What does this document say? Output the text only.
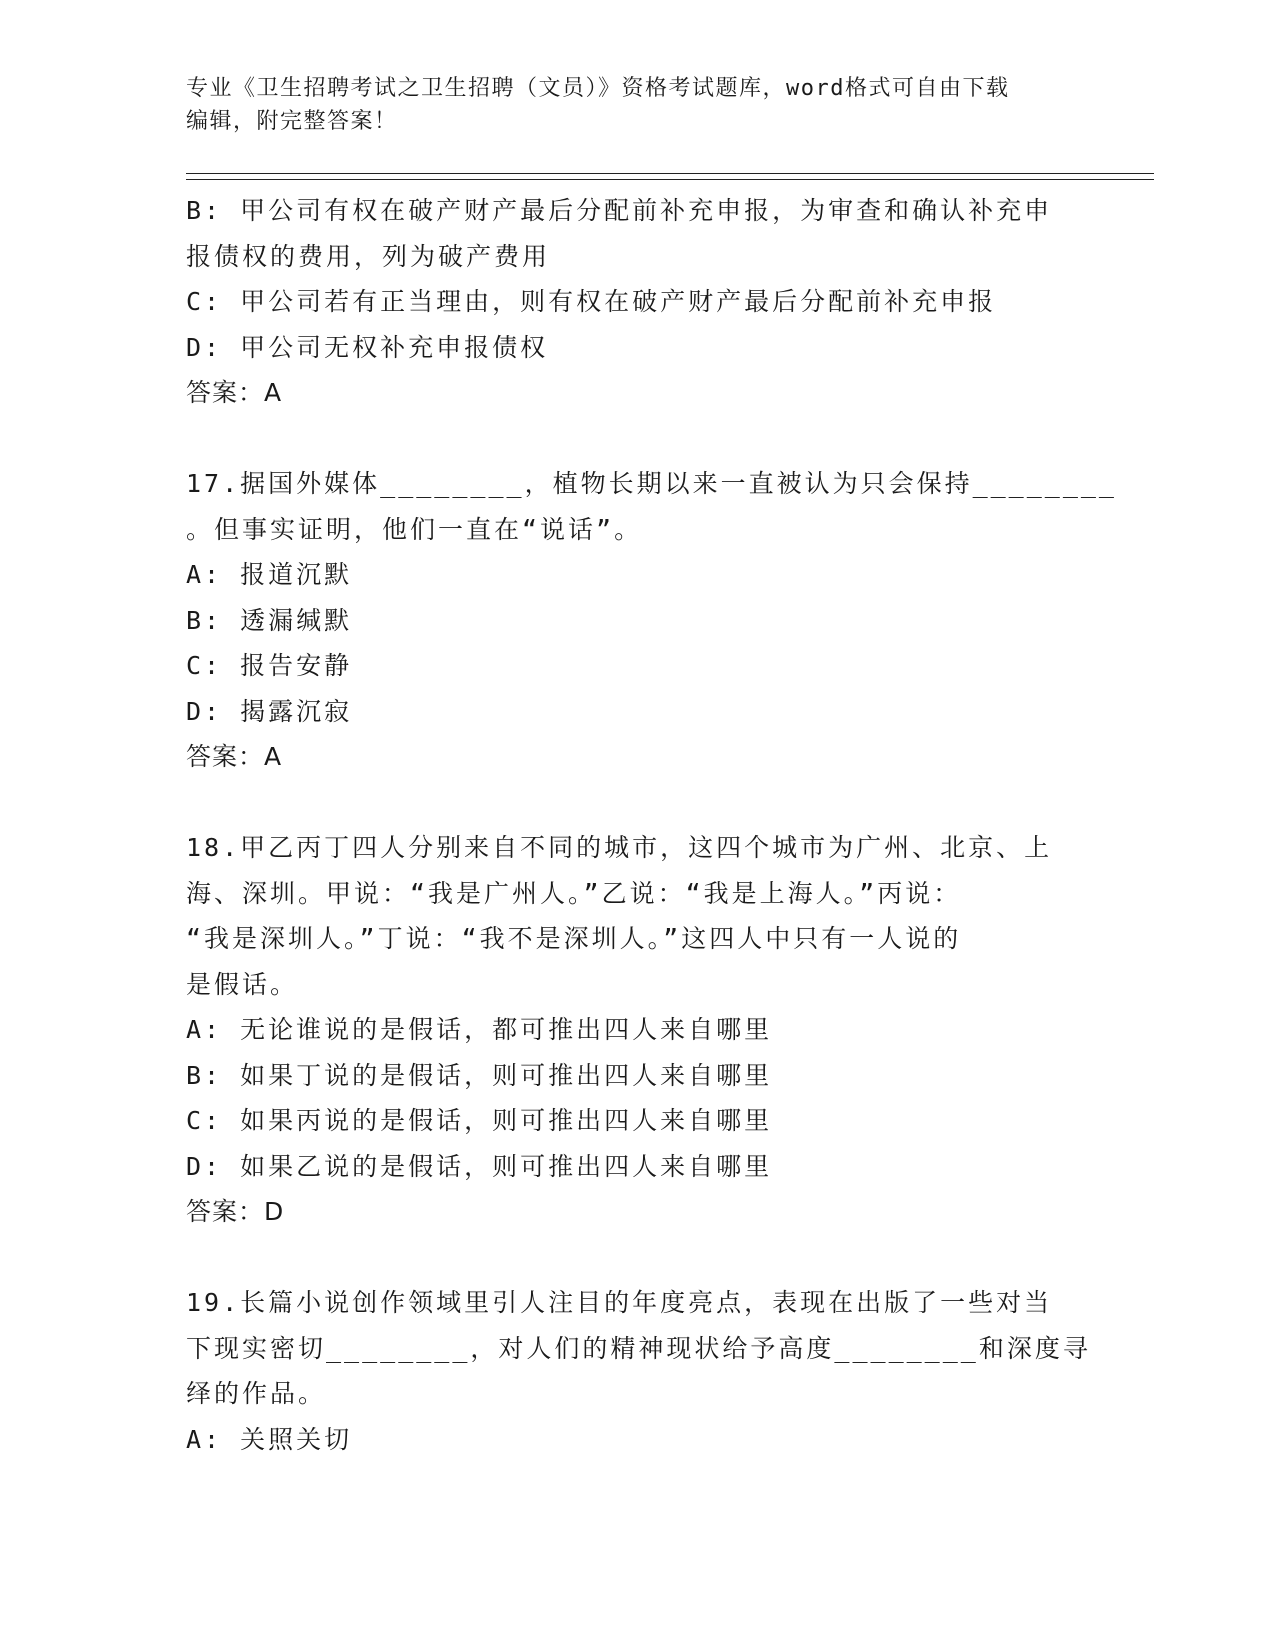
专业《卫生招聘考试之卫生招聘（文员）》资格考试题库，word格式可自由下载
编辑，附完整答案！
B: 甲公司有权在破产财产最后分配前补充申报，为审查和确认补充申
报债权的费用，列为破产费用
C: 甲公司若有正当理由，则有权在破产财产最后分配前补充申报
D: 甲公司无权补充申报债权
答案：A
17.据国外媒体________，植物长期以来一直被认为只会保持________
。但事实证明，他们一直在“说话”。
A: 报道沉默
B: 透漏缄默
C: 报告安静
D: 揭露沉寂
答案：A
18.甲乙丙丁四人分别来自不同的城市，这四个城市为广州、北京、上
海、深圳。甲说：“我是广州人。”乙说：“我是上海人。”丙说：
“我是深圳人。”丁说：“我不是深圳人。”这四人中只有一人说的
是假话。
A: 无论谁说的是假话，都可推出四人来自哪里
B: 如果丁说的是假话，则可推出四人来自哪里
C: 如果丙说的是假话，则可推出四人来自哪里
D: 如果乙说的是假话，则可推出四人来自哪里
答案：D
19.长篇小说创作领域里引人注目的年度亮点，表现在出版了一些对当
下现实密切________，对人们的精神现状给予高度________和深度寻
绎的作品。
A: 关照关切
